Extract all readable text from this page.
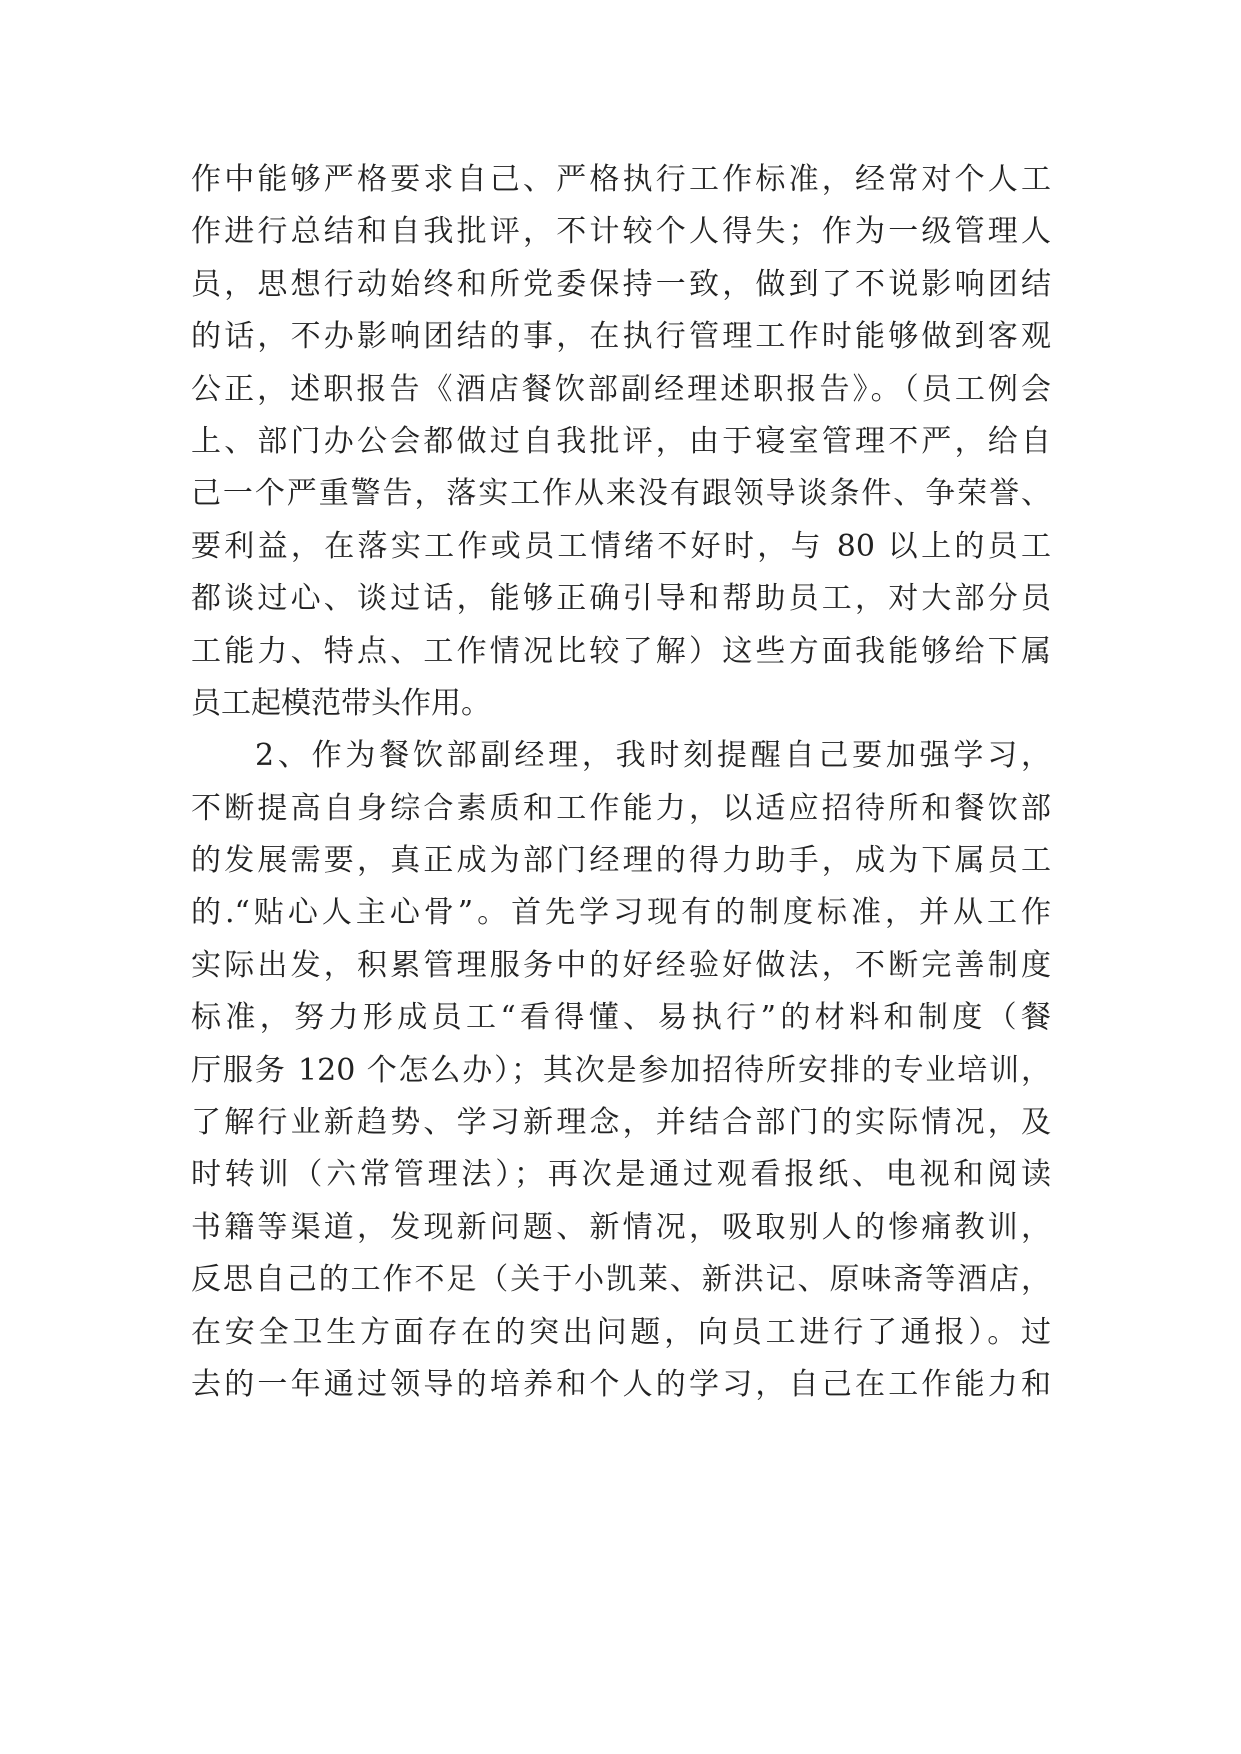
作中能够严格要求自己、严格执行工作标准，经常对个人工
作进行总结和自我批评，不计较个人得失；作为一级管理人
员，思想行动始终和所党委保持一致，做到了不说影响团结
的话，不办影响团结的事，在执行管理工作时能够做到客观
公正，述职报告《酒店餐饮部副经理述职报告》。（员工例会
上、部门办公会都做过自我批评，由于寝室管理不严，给自
己一个严重警告，落实工作从来没有跟领导谈条件、争荣誉、
要利益，在落实工作或员工情绪不好时，与 80 以上的员工
都谈过心、谈过话，能够正确引导和帮助员工，对大部分员
工能力、特点、工作情况比较了解）这些方面我能够给下属
员工起模范带头作用。
2、作为餐饮部副经理，我时刻提醒自己要加强学习，
不断提高自身综合素质和工作能力，以适应招待所和餐饮部
的发展需要，真正成为部门经理的得力助手，成为下属员工
的.“贴心人主心骨”。首先学习现有的制度标准，并从工作
实际出发，积累管理服务中的好经验好做法，不断完善制度
标准，努力形成员工“看得懂、易执行”的材料和制度（餐
厅服务 120 个怎么办）；其次是参加招待所安排的专业培训，
了解行业新趋势、学习新理念，并结合部门的实际情况，及
时转训（六常管理法）；再次是通过观看报纸、电视和阅读
书籍等渠道，发现新问题、新情况，吸取别人的惨痛教训，
反思自己的工作不足（关于小凯莱、新洪记、原味斋等酒店，
在安全卫生方面存在的突出问题，向员工进行了通报）。过
去的一年通过领导的培养和个人的学习，自己在工作能力和
